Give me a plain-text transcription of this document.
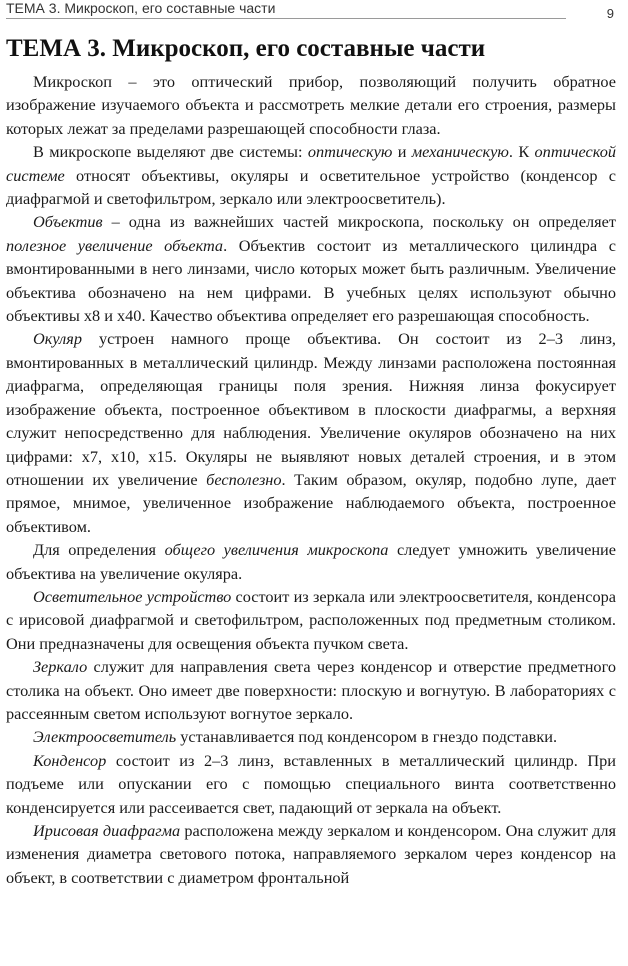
ТЕМА 3. Микроскоп, его составные части	9
ТЕМА 3. Микроскоп, его составные части

Микроскоп – это оптический прибор, позволяющий получить обратное изображение изучаемого объекта и рассмотреть мелкие детали его строения, размеры которых лежат за пределами разрешающей способности глаза.

В микроскопе выделяют две системы: оптическую и механическую. К оптической системе относят объективы, окуляры и осветительное устройство (конденсор с диафрагмой и светофильтром, зеркало или электроосветитель).

Объектив – одна из важнейших частей микроскопа, поскольку он определяет полезное увеличение объекта. Объектив состоит из металлического цилиндра с вмонтированными в него линзами, число которых может быть различным. Увеличение объектива обозначено на нем цифрами. В учебных целях используют обычно объективы х8 и х40. Качество объектива определяет его разрешающая способность.

Окуляр устроен намного проще объектива. Он состоит из 2–3 линз, вмонтированных в металлический цилиндр. Между линзами расположена постоянная диафрагма, определяющая границы поля зрения. Нижняя линза фокусирует изображение объекта, построенное объективом в плоскости диафрагмы, а верхняя служит непосредственно для наблюдения. Увеличение окуляров обозначено на них цифрами: х7, х10, х15. Окуляры не выявляют новых деталей строения, и в этом отношении их увеличение бесполезно. Таким образом, окуляр, подобно лупе, дает прямое, мнимое, увеличенное изображение наблюдаемого объекта, построенное объективом.

Для определения общего увеличения микроскопа следует умножить увеличение объектива на увеличение окуляра.

Осветительное устройство состоит из зеркала или электроосветителя, конденсора с ирисовой диафрагмой и светофильтром, расположенных под предметным столиком. Они предназначены для освещения объекта пучком света.

Зеркало служит для направления света через конденсор и отверстие предметного столика на объект. Оно имеет две поверхности: плоскую и вогнутую. В лабораториях с рассеянным светом используют вогнутое зеркало.

Электроосветитель устанавливается под конденсором в гнездо подставки.

Конденсор состоит из 2–3 линз, вставленных в металлический цилиндр. При подъеме или опускании его с помощью специального винта соответственно конденсируется или рассеивается свет, падающий от зеркала на объект.

Ирисовая диафрагма расположена между зеркалом и конденсором. Она служит для изменения диаметра светового потока, направляемого зеркалом через конденсор на объект, в соответствии с диаметром фронтальной
